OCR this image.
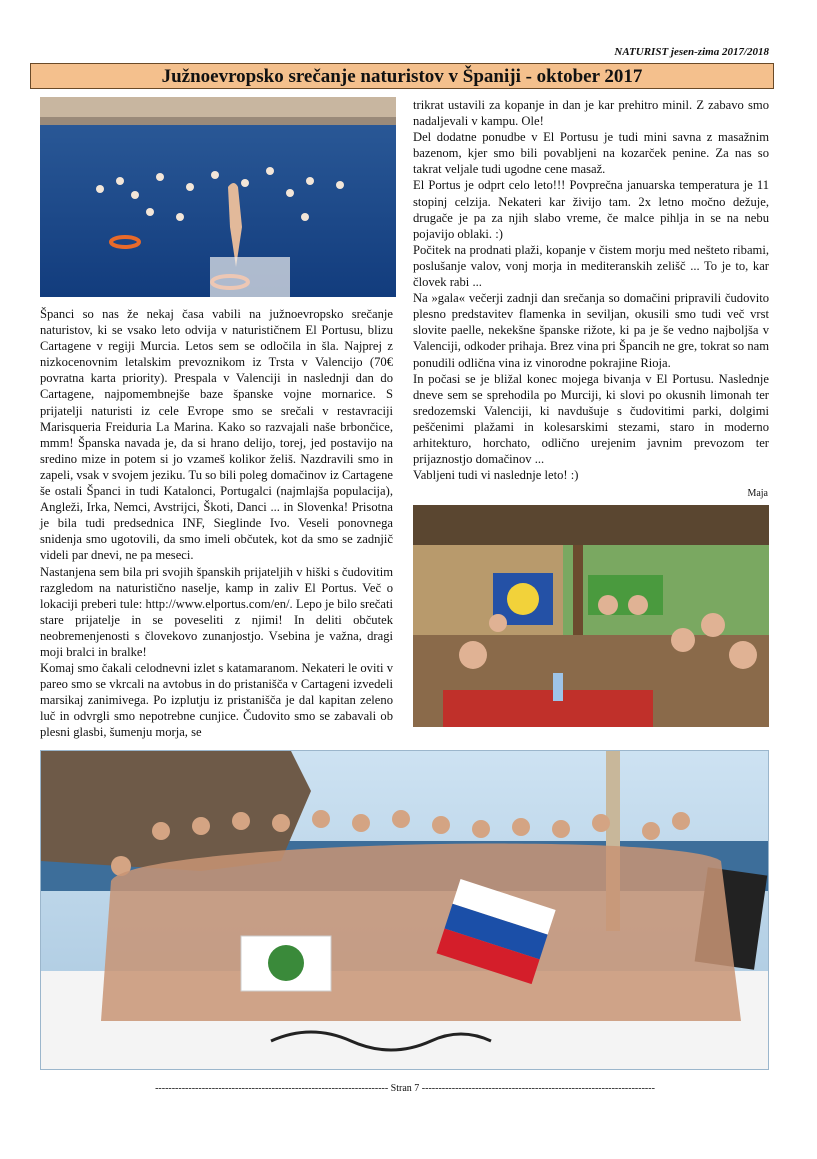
NATURIST jesen-zima 2017/2018
Južnoevropsko srečanje naturistov v Španiji - oktober 2017

Španci so nas že nekaj časa vabili na južnoevropsko srečanje naturistov, ki se vsako leto odvija v naturističnem El Portusu, blizu Cartagene v regiji Murcia. Letos sem se odločila in šla. Najprej z nizkocenovnim letalskim prevoznikom iz Trsta v Valencijo (70€ povratna karta priority). Prespala v Valenciji in naslednji dan do Cartagene, najpomembnejše baze španske vojne mornarice. S prijatelji naturisti iz cele Evrope smo se srečali v restavraciji Marisqueria Freiduria La Marina. Kako so razvajali naše brbončice, mmm! Španska navada je, da si hrano delijo, torej, jed postavijo na sredino mize in potem si jo vzameš kolikor želiš. Nazdravili smo in zapeli, vsak v svojem jeziku. Tu so bili poleg domačinov iz Cartagene še ostali Španci in tudi Katalonci, Portugalci (najmlajša populacija), Angleži, Irka, Nemci, Avstrijci, Škoti, Danci ... in Slovenka! Prisotna je bila tudi predsednica INF, Sieglinde Ivo. Veseli ponovnega snidenja smo ugotovili, da smo imeli občutek, kot da smo se zadnjič videli par dnevi, ne pa meseci.

Nastanjena sem bila pri svojih španskih prijateljih v hiški s čudovitim razgledom na naturistično naselje, kamp in zaliv El Portus. Več o lokaciji preberi tule: http://www.elportus.com/en/. Lepo je bilo srečati stare prijatelje in se poveseliti z njimi! In deliti občutek neobremenjenosti s človekovo zunanjostjo. Vsebina je važna, dragi moji bralci in bralke!

Komaj smo čakali celodnevni izlet s katamaranom. Nekateri le oviti v pareo smo se vkrcali na avtobus in do pristanišča v Cartageni izvedeli marsikaj zanimivega. Po izplutju iz pristanišča je dal kapitan zeleno luč in odvrgli smo nepotrebne cunjice. Čudovito smo se zabavali ob plesni glasbi, šumenju morja, se

trikrat ustavili za kopanje in dan je kar prehitro minil. Z zabavo smo nadaljevali v kampu. Ole!

Del dodatne ponudbe v El Portusu je tudi mini savna z masažnim bazenom, kjer smo bili povabljeni na kozarček penine. Za nas so takrat veljale tudi ugodne cene masaž.

El Portus je odprt celo leto!!! Povprečna januarska temperatura je 11 stopinj celzija. Nekateri kar živijo tam. 2x letno močno dežuje, drugače je pa za njih slabo vreme, če malce pihlja in se na nebu pojavijo oblaki. :)

Počitek na prodnati plaži, kopanje v čistem morju med nešteto ribami, poslušanje valov, vonj morja in mediteranskih zelišč ... To je to, kar človek rabi ...

Na »gala« večerji zadnji dan srečanja so domačini pripravili čudovito plesno predstavitev flamenka in seviljan, okusili smo tudi več vrst slovite paelle, nekekšne španske rižote, ki pa je še vedno najboljša v Valenciji, odkoder prihaja. Brez vina pri Špancih ne gre, tokrat so nam ponudili odlična vina iz vinorodne pokrajine Rioja.

In počasi se je bližal konec mojega bivanja v El Portusu. Naslednje dneve sem se sprehodila po Murciji, ki slovi po okusnih limonah ter sredozemski Valenciji, ki navdušuje s čudovitimi parki, dolgimi peščenimi plažami in kolesarskimi stezami, staro in moderno arhitekturo, horchato, odlično urejenim javnim prevozom ter prijaznostjo domačinov ...

Vabljeni tudi vi naslednje leto! :)

Maja
---------------------------------------------------------------------- Stran 7 ----------------------------------------------------------------------
